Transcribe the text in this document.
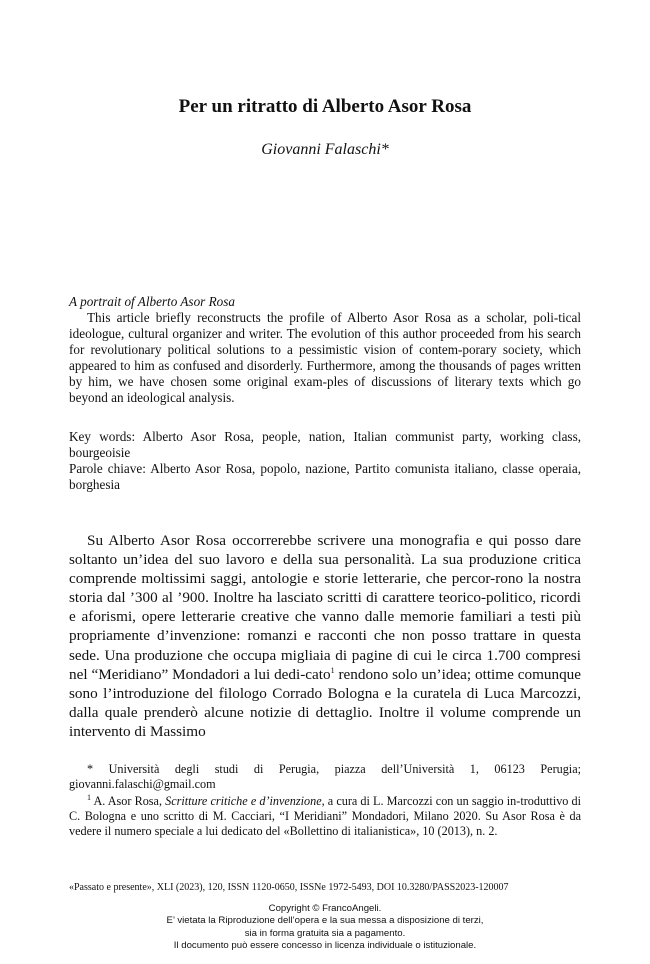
Per un ritratto di Alberto Asor Rosa
Giovanni Falaschi*
A portrait of Alberto Asor Rosa

This article briefly reconstructs the profile of Alberto Asor Rosa as a scholar, poli-tical ideologue, cultural organizer and writer. The evolution of this author proceeded from his search for revolutionary political solutions to a pessimistic vision of contem-porary society, which appeared to him as confused and disorderly. Furthermore, among the thousands of pages written by him, we have chosen some original exam-ples of discussions of literary texts which go beyond an ideological analysis.

Key words: Alberto Asor Rosa, people, nation, Italian communist party, working class, bourgeoisie
Parole chiave: Alberto Asor Rosa, popolo, nazione, Partito comunista italiano, classe operaia, borghesia

Su Alberto Asor Rosa occorrerebbe scrivere una monografia e qui posso dare soltanto un’idea del suo lavoro e della sua personalità. La sua produzione critica comprende moltissimi saggi, antologie e storie letterarie, che percor-rono la nostra storia dal ’300 al ’900. Inoltre ha lasciato scritti di carattere teorico-politico, ricordi e aforismi, opere letterarie creative che vanno dalle memorie familiari a testi più propriamente d’invenzione: romanzi e racconti che non posso trattare in questa sede. Una produzione che occupa migliaia di pagine di cui le circa 1.700 compresi nel “Meridiano” Mondadori a lui dedi-cato$^1$ rendono solo un’idea; ottime comunque sono l’introduzione del filologo Corrado Bologna e la curatela di Luca Marcozzi, dalla quale prenderò alcune notizie di dettaglio. Inoltre il volume comprende un intervento di Massimo

* Università degli studi di Perugia, piazza dell’Università 1, 06123 Perugia; giovanni.falaschi@gmail.com

$^1$ A. Asor Rosa, Scritture critiche e d’invenzione, a cura di L. Marcozzi con un saggio in-troduttivo di C. Bologna e uno scritto di M. Cacciari, “I Meridiani” Mondadori, Milano 2020. Su Asor Rosa è da vedere il numero speciale a lui dedicato del «Bollettino di italianistica», 10 (2013), n. 2.

«Passato e presente», XLI (2023), 120, ISSN 1120-0650, ISSNe 1972-5493, DOI 10.3280/PASS2023-120007
Copyright © FrancoAngeli.
E’ vietata la Riproduzione dell’opera e la sua messa a disposizione di terzi,
sia in forma gratuita sia a pagamento.
Il documento può essere concesso in licenza individuale o istituzionale.
